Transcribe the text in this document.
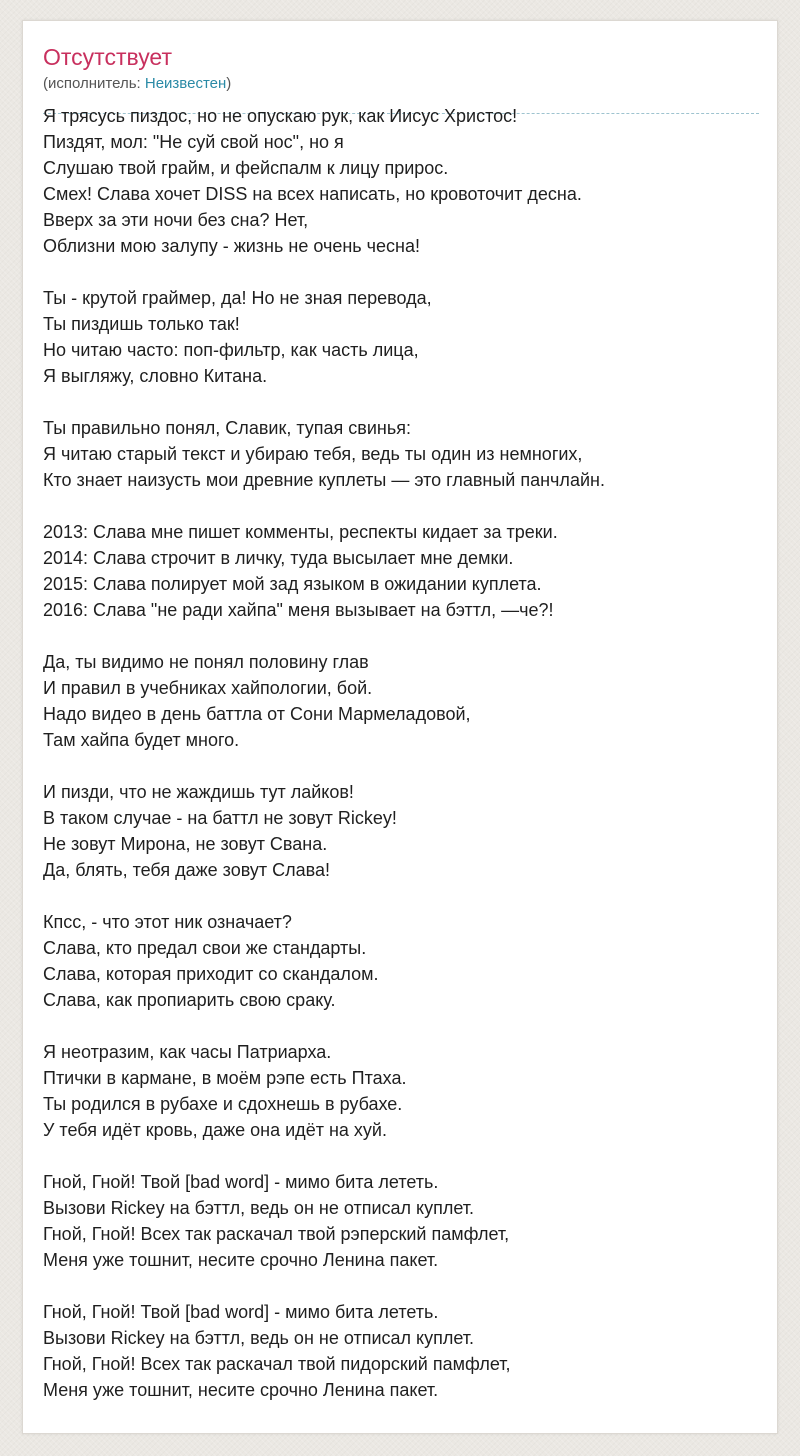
Отсутствует
(исполнитель: Неизвестен)
Я трясусь пиздос, но не опускаю рук, как Иисус Христос!
Пиздят, мол: "Не суй свой нос", но я
Слушаю твой грайм, и фейспалм к лицу прирос.
Смех! Слава хочет DISS на всех написать, но кровоточит десна.
Вверх за эти ночи без сна? Нет,
Облизни мою залупу - жизнь не очень чесна!
Ты - крутой граймер, да! Но не зная перевода,
Ты пиздишь только так!
Но читаю часто: поп-фильтр, как часть лица,
Я выгляжу, словно Китана.
Ты правильно понял, Славик, тупая свинья:
Я читаю старый текст и убираю тебя, ведь ты один из немногих,
Кто знает наизусть мои древние куплеты — это главный панчлайн.
2013: Слава мне пишет комменты, респекты кидает за треки.
2014: Слава строчит в личку, туда высылает мне демки.
2015: Слава полирует мой зад языком в ожидании куплета.
2016: Слава "не ради хайпа" меня вызывает на бэттл, —че?!
Да, ты видимо не понял половину глав
И правил в учебниках хайпологии, бой.
Надо видео в день баттла от Сони Мармеладовой,
Там хайпа будет много.
И пизди, что не жаждишь тут лайков!
В таком случае - на баттл не зовут Rickey!
Не зовут Мирона, не зовут Свана.
Да, блять, тебя даже зовут Слава!
Кпсс, - что этот ник означает?
Слава, кто предал свои же стандарты.
Слава, которая приходит со скандалом.
Слава, как пропиарить свою сраку.
Я неотразим, как часы Патриарха.
Птички в кармане, в моём рэпе есть Птаха.
Ты родился в рубахе и сдохнешь в рубахе.
У тебя идёт кровь, даже она идёт на хуй.
Гной, Гной! Твой [bad word] - мимо бита лететь.
Вызови Rickey на бэттл, ведь он не отписал куплет.
Гной, Гной! Всех так раскачал твой рэперский памфлет,
Меня уже тошнит, несите срочно Ленина пакет.
Гной, Гной! Твой [bad word] - мимо бита лететь.
Вызови Rickey на бэттл, ведь он не отписал куплет.
Гной, Гной! Всех так раскачал твой пидорский памфлет,
Меня уже тошнит, несите срочно Ленина пакет.
